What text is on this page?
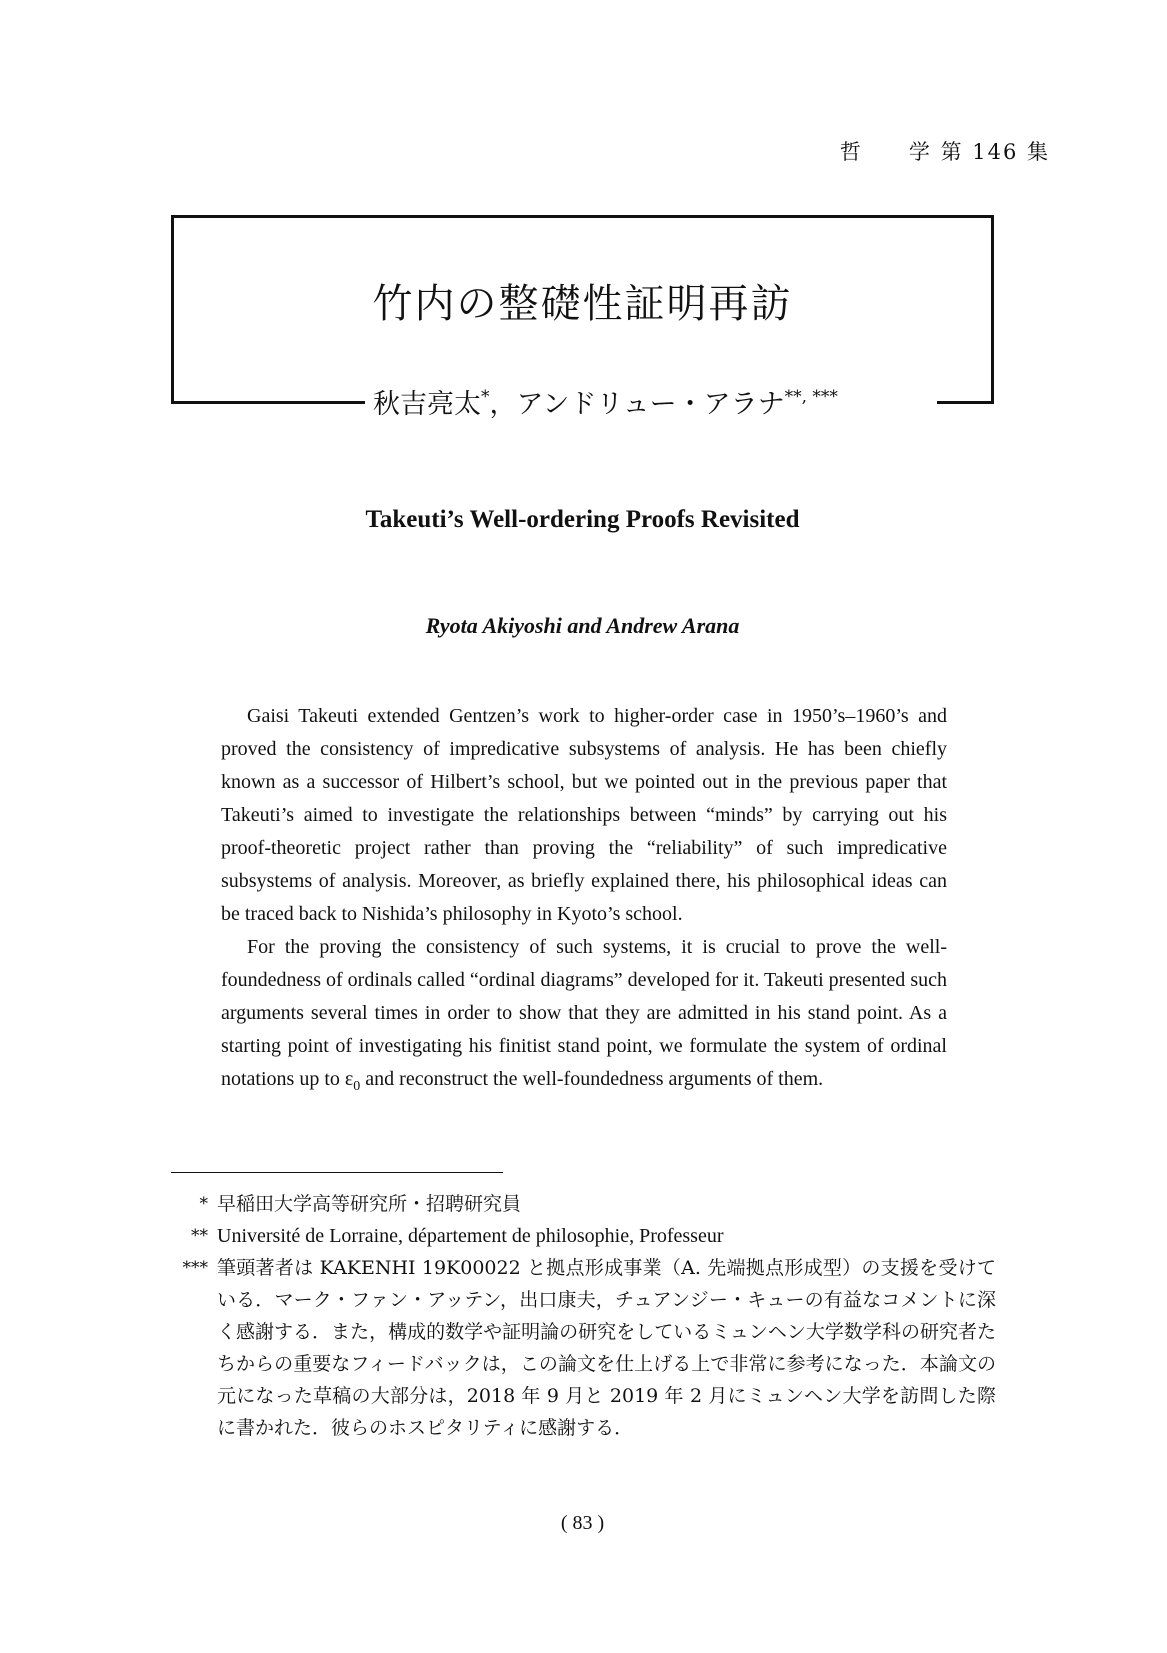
哲　　学 第 146 集
竹内の整礎性証明再訪
秋吉亮太*，アンドリュー・アラナ**, ***
Takeuti’s Well-ordering Proofs Revisited
Ryota Akiyoshi and Andrew Arana

Gaisi Takeuti extended Gentzen’s work to higher-order case in 1950’s–1960’s and proved the consistency of impredicative subsystems of analysis. He has been chiefly known as a successor of Hilbert’s school, but we pointed out in the previous paper that Takeuti’s aimed to investigate the relationships between “minds” by carrying out his proof-theoretic project rather than proving the “reliability” of such impredicative subsystems of analysis. Moreover, as briefly explained there, his philosophical ideas can be traced back to Nishida’s philosophy in Kyoto’s school.

For the proving the consistency of such systems, it is crucial to prove the well-foundedness of ordinals called “ordinal diagrams” developed for it. Takeuti presented such arguments several times in order to show that they are admitted in his stand point. As a starting point of investigating his finitist stand point, we formulate the system of ordinal notations up to $\varepsilon_0$ and reconstruct the well-foundedness arguments of them.

* 早稲田大学高等研究所・招聘研究員
** Université de Lorraine, département de philosophie, Professeur
*** 筆頭著者は KAKENHI 19K00022 と拠点形成事業（A. 先端拠点形成型）の支援を受けている．マーク・ファン・アッテン，出口康夫，チュアンジー・キューの有益なコメントに深く感謝する．また，構成的数学や証明論の研究をしているミュンヘン大学数学科の研究者たちからの重要なフィードバックは，この論文を仕上げる上で非常に参考になった．本論文の元になった草稿の大部分は，2018 年 9 月と 2019 年 2 月にミュンヘン大学を訪問した際に書かれた．彼らのホスピタリティに感謝する．
( 83 )
